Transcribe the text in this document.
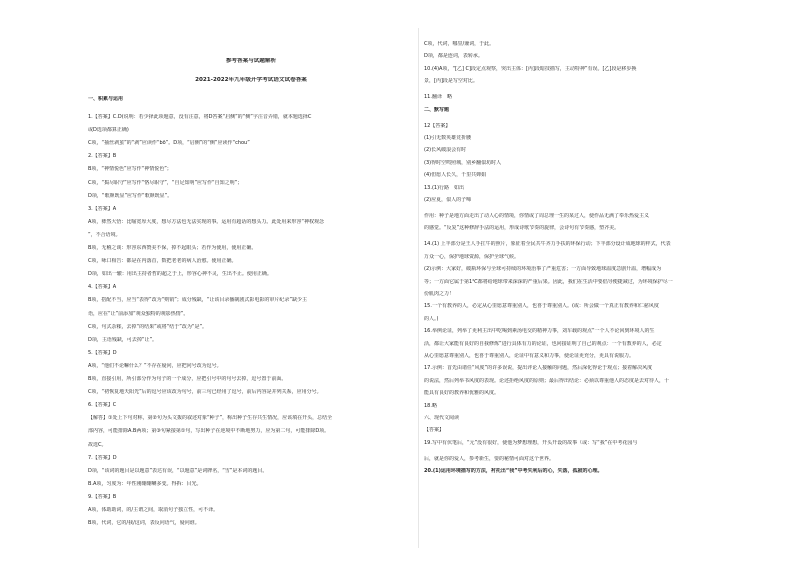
参考答案与试题解析
2021-2022年九年级开学考试语文试卷答案
一、积累与运用
1.【答案】C.D(说明：若少择此项题意，没有注意，将D答案“启侧”的“侧”字注音弄错，就本题选择C
或D选项都算正确)
C项，“抽丝剥茧”的“剥”应读作“bō”。D项，“启侧”的“侧”应读作“chou”
2.【答案】B
B项，“神情悦色”应写作“神情悦色”；
C项，“捣尽职守”应写作“恪尽职守”，“自足知明”应写作“自知之明”；
D项，“歌颜既显”应写作“歌颜既显”。
3.【答案】A
A项，彝然大悟：比喻宽厚大度，想尽方法也无法实现的事。运用有超话的想头力。此处用来形容“神权观念
”，不合语境。
B项，无稽之谈：形容东西赞美不保，掉不起眼头；若作为使用，使用正确。
C项，咏口相告：都是在内落首，数把老老的病人治愈。使用正确。
D项，如出一辙：用出主持者哲的超之于上，形容心神不灵，生出不止。使用正确。
4.【答案】A
B项，搭配不当，应当“表得”改为“则销”；成分残缺，“让该目录播制剧式影电影的审片纪录”缺少主
语，应在“让”前添加“观众独特的观影热情”。
C项，句式杂糅，去掉“的结果”或将“结于”改为“是”。
D项，主语残缺，可去掉“让”。
5.【答案】D
A项，“他们不论嘛什么？”不存在疑问，应把问号改为逗号。
B项，直接引用，所引部分作为句子的一个成分，应把引号中的句号去掉，逗号置于前面。
C项，“初恢复地天阳光”后的逗号应该改为句号，前三句已经用了逗号，前后内容是并列关系，应用分号。
6.【答案】C
【解答】①处上下句对称，第②句为头文拨的叙述对象“种子”，称出种子生存共生情况，应该填在开头，总结全
部内容，可能排除A.B两项；第③句紧接第①句，写出种子在逆境中不断地努力，应为第二句，可能排除D项。
故选C。
7.【答案】D
D项，“该词的题目是以题意”表达有误，“以题意”是词牌名，“雪”是本词的题目。
B.A项，匀度为：年性刚绷绷喇多变。得拆：目光。
9.【答案】B
A项，体助助词，的/主谓之间，取消句子独立性，可不译。
B项，代词，它的/我/这词，表反问语气，疑问谁。
C项，代词，哪里/兼词，于此。
D项，都是连词，表转承。
10.(4)A项，“[乙] C]段定点观察，突出主体：[丙]段暗技描写，主动特神”有误。[乙]段是移步换
景，[丙]段是写空对比。
11.翻译　略
二、默写题
12【答案】
(1)引无数英雄竞折腰
(2)长风破浪会有时
(3)得时空鸣照城，别乡翻似坊时人
(4)但愿人长久，千里共婵娟
13.(1)行路　如出
(2)应夏，似人的子啼
作用：种子是地方面走出了动人心的情境，你情或了周总理一生的某过人，使作品无满了奉乐热爱主义
的感觉。“反复”这种修辞手法的运用，形成诗歌节奏的旋律，会诗句有节奏感，塑齐美。
14.(1) 上半部分是王人手扛牛的照片，象征着全民共牛齐力手扶的环保行动；下半部分设计成地球的样式，代表
万众一心，保护地球资源，保护全球气候。
(2)示例：大家好，破瓶环保与全球可持续的环境治事了严重危害；一方面导致地球温度急剧升温，增幅成为
等；一方面它属于第1℃都将给地球带来深深的严重后果。因此，我们在生活中要倡导便捷减过，为环境保护尽一
份肌肉之力！
15.一个有教养的人，必定从心里愿意尊重别人，也喜于尊重别人。(或：所会做一个真正有教养和仁慈风度
的人。)
16.举例论证，列举了更利主出中吃喝到素汤电交的精神力事，刘车载的观点“一个人不论回到环境人的生
活，都让大家能有良好的自我修炼”进行具体有力的论证，也问接证明了自己的观点：一个有教养的人，必定
从心里愿意尊重别人，也喜于尊重别人，论证中有意义和力事，使论证更充分，更具有说服力。
17.示例：首先由诸任“风度”的许多误说，提出评论人接触的问题，然后深化得论于观点；接着解决风度
的说法，然后列举书风度的表现。论述拒绝风度的原则；最后得出结论：必须以尊重他人的态度是去对待人，十
能具有良好的教养和优雅的风度。
18.略
六、现代文阅读
【答案】
19.写中有伏笔后，“元”没有很好，使他为梦想理想，开头开设的故事（或：写“我”在中考花园与
后，就是你的爱人，参考新生，要的秘情可面对这个世界。
20.(1)运用环境描写的方法，衬托出“我”中考失利后的心，失落，孤寂的心理。
